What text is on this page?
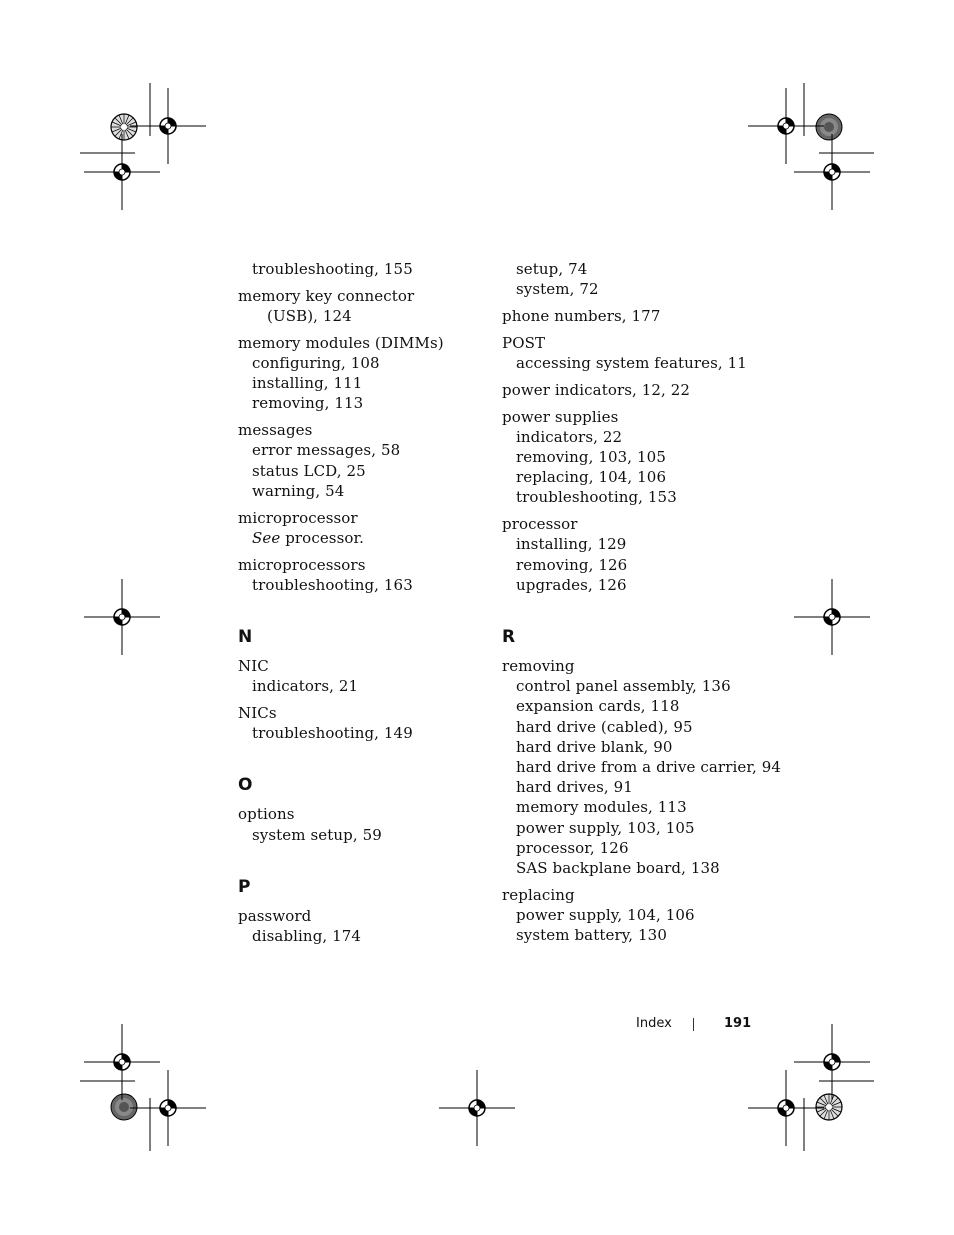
troubleshooting, 155
memory key connector
(USB), 124
memory modules (DIMMs)
configuring, 108
installing, 111
removing, 113
messages
error messages, 58
status LCD, 25
warning, 54
microprocessor
See processor.
microprocessors
troubleshooting, 163
N
NIC
indicators, 21
NICs
troubleshooting, 149
O
options
system setup, 59
P
password
disabling, 174
setup, 74
system, 72
phone numbers, 177
POST
accessing system features, 11
power indicators, 12, 22
power supplies
indicators, 22
removing, 103, 105
replacing, 104, 106
troubleshooting, 153
processor
installing, 129
removing, 126
upgrades, 126
R
removing
control panel assembly, 136
expansion cards, 118
hard drive (cabled), 95
hard drive blank, 90
hard drive from a drive carrier, 94
hard drives, 91
memory modules, 113
power supply, 103, 105
processor, 126
SAS backplane board, 138
replacing
power supply, 104, 106
system battery, 130
Index	191
